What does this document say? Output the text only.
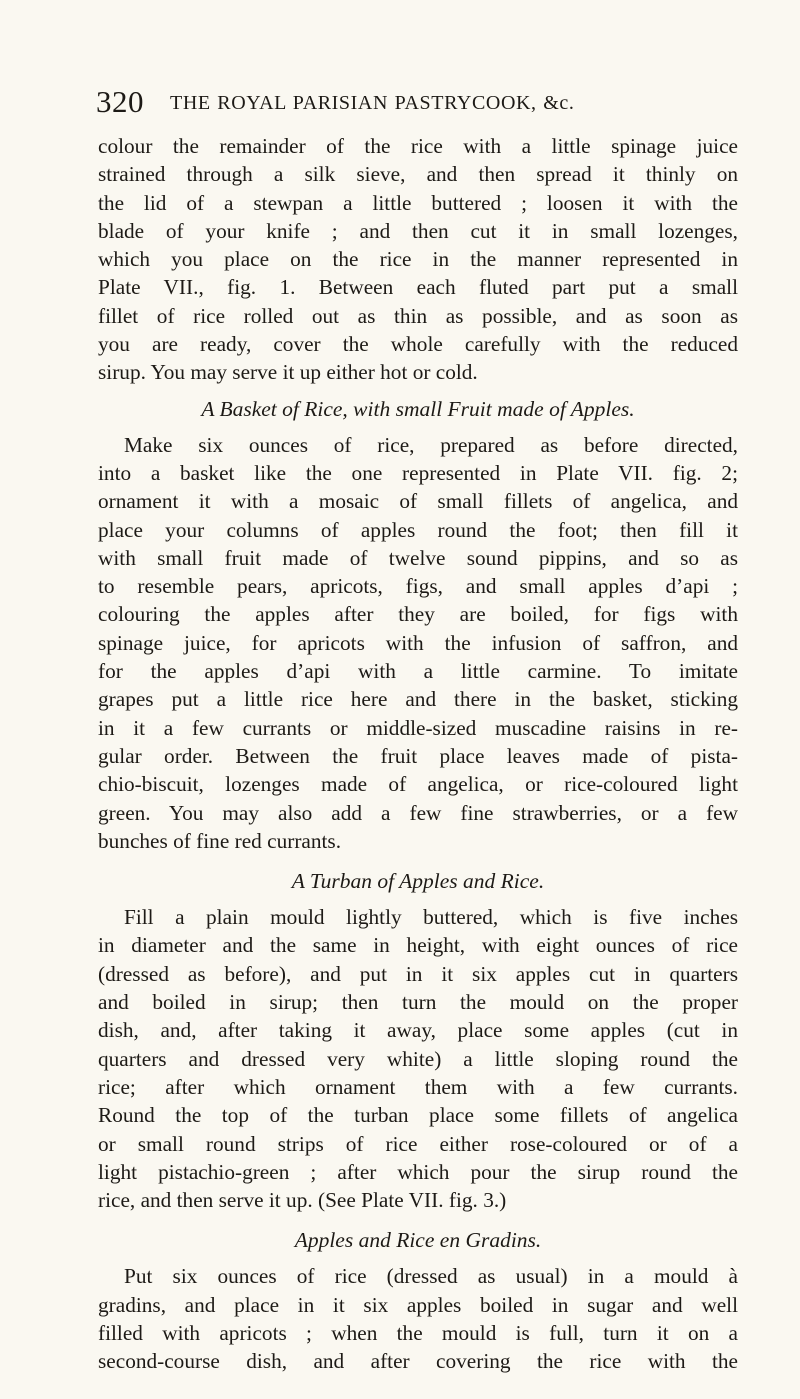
320 THE ROYAL PARISIAN PASTRYCOOK, &c.
colour the remainder of the rice with a little spinage juice
strained through a silk sieve, and then spread it thinly on
the lid of a stewpan a little buttered ; loosen it with the
blade of your knife ; and then cut it in small lozenges,
which you place on the rice in the manner represented in
Plate VII., fig. 1. Between each fluted part put a small
fillet of rice rolled out as thin as possible, and as soon as
you are ready, cover the whole carefully with the reduced
sirup. You may serve it up either hot or cold.
A Basket of Rice, with small Fruit made of Apples.
Make six ounces of rice, prepared as before directed,
into a basket like the one represented in Plate VII. fig. 2;
ornament it with a mosaic of small fillets of angelica, and
place your columns of apples round the foot; then fill it
with small fruit made of twelve sound pippins, and so as
to resemble pears, apricots, figs, and small apples d’api ;
colouring the apples after they are boiled, for figs with
spinage juice, for apricots with the infusion of saffron, and
for the apples d’api with a little carmine. To imitate
grapes put a little rice here and there in the basket, sticking
in it a few currants or middle-sized muscadine raisins in re-
gular order. Between the fruit place leaves made of pista-
chio-biscuit, lozenges made of angelica, or rice-coloured light
green. You may also add a few fine strawberries, or a few
bunches of fine red currants.
A Turban of Apples and Rice.
Fill a plain mould lightly buttered, which is five inches
in diameter and the same in height, with eight ounces of rice
(dressed as before), and put in it six apples cut in quarters
and boiled in sirup; then turn the mould on the proper
dish, and, after taking it away, place some apples (cut in
quarters and dressed very white) a little sloping round the
rice; after which ornament them with a few currants.
Round the top of the turban place some fillets of angelica
or small round strips of rice either rose-coloured or of a
light pistachio-green ; after which pour the sirup round the
rice, and then serve it up. (See Plate VII. fig. 3.)
Apples and Rice en Gradins.
Put six ounces of rice (dressed as usual) in a mould à
gradins, and place in it six apples boiled in sugar and well
filled with apricots ; when the mould is full, turn it on a
second-course dish, and after covering the rice with the
